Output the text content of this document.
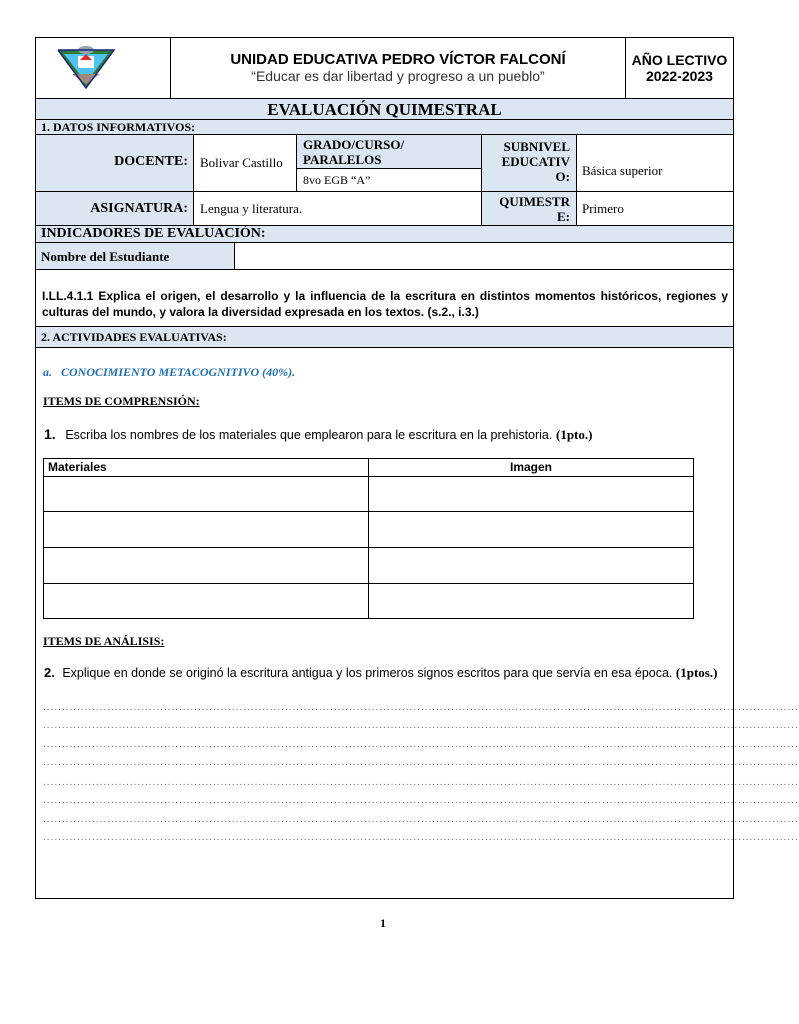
UNIDAD EDUCATIVA PEDRO VÍCTOR FALCONÍ
“Educar es dar libertad y progreso a un pueblo”
AÑO LECTIVO
2022-2023
EVALUACIÓN QUIMESTRAL
1. DATOS INFORMATIVOS:
DOCENTE: Bolivar Castillo
GRADO/CURSO/ PARALELOS
8vo EGB “A”
SUBNIVEL EDUCATIV O: Básica superior
ASIGNATURA: Lengua y literatura.	QUIMESTR E:
Primero
INDICADORES DE EVALUACIÓN:
Nombre del Estudiante
I.LL.4.1.1 Explica el origen, el desarrollo y la influencia de la escritura en distintos momentos históricos, regiones y culturas del mundo, y valora la diversidad expresada en los textos. (s.2., i.3.)
2. ACTIVIDADES EVALUATIVAS:
a.   CONOCIMIENTO METACOGNITIVO (40%).
ITEMS DE COMPRENSIÓN:
1. Escriba los nombres de los materiales que emplearon para le escritura en la prehistoria. (1pto.)
Materiales	Imagen
ITEMS DE ANÁLISIS:
2. Explique en donde se originó la escritura antigua y los primeros signos escritos para que servía en esa época. (1ptos.)
........................................................................................................................................................................................................
........................................................................................................................................................................................................
........................................................................................................................................................................................................
........................................................................................................................................................................................................
........................................................................................................................................................................................................
........................................................................................................................................................................................................
........................................................................................................................................................................................................
........................................................................................................................................................................................................
1
